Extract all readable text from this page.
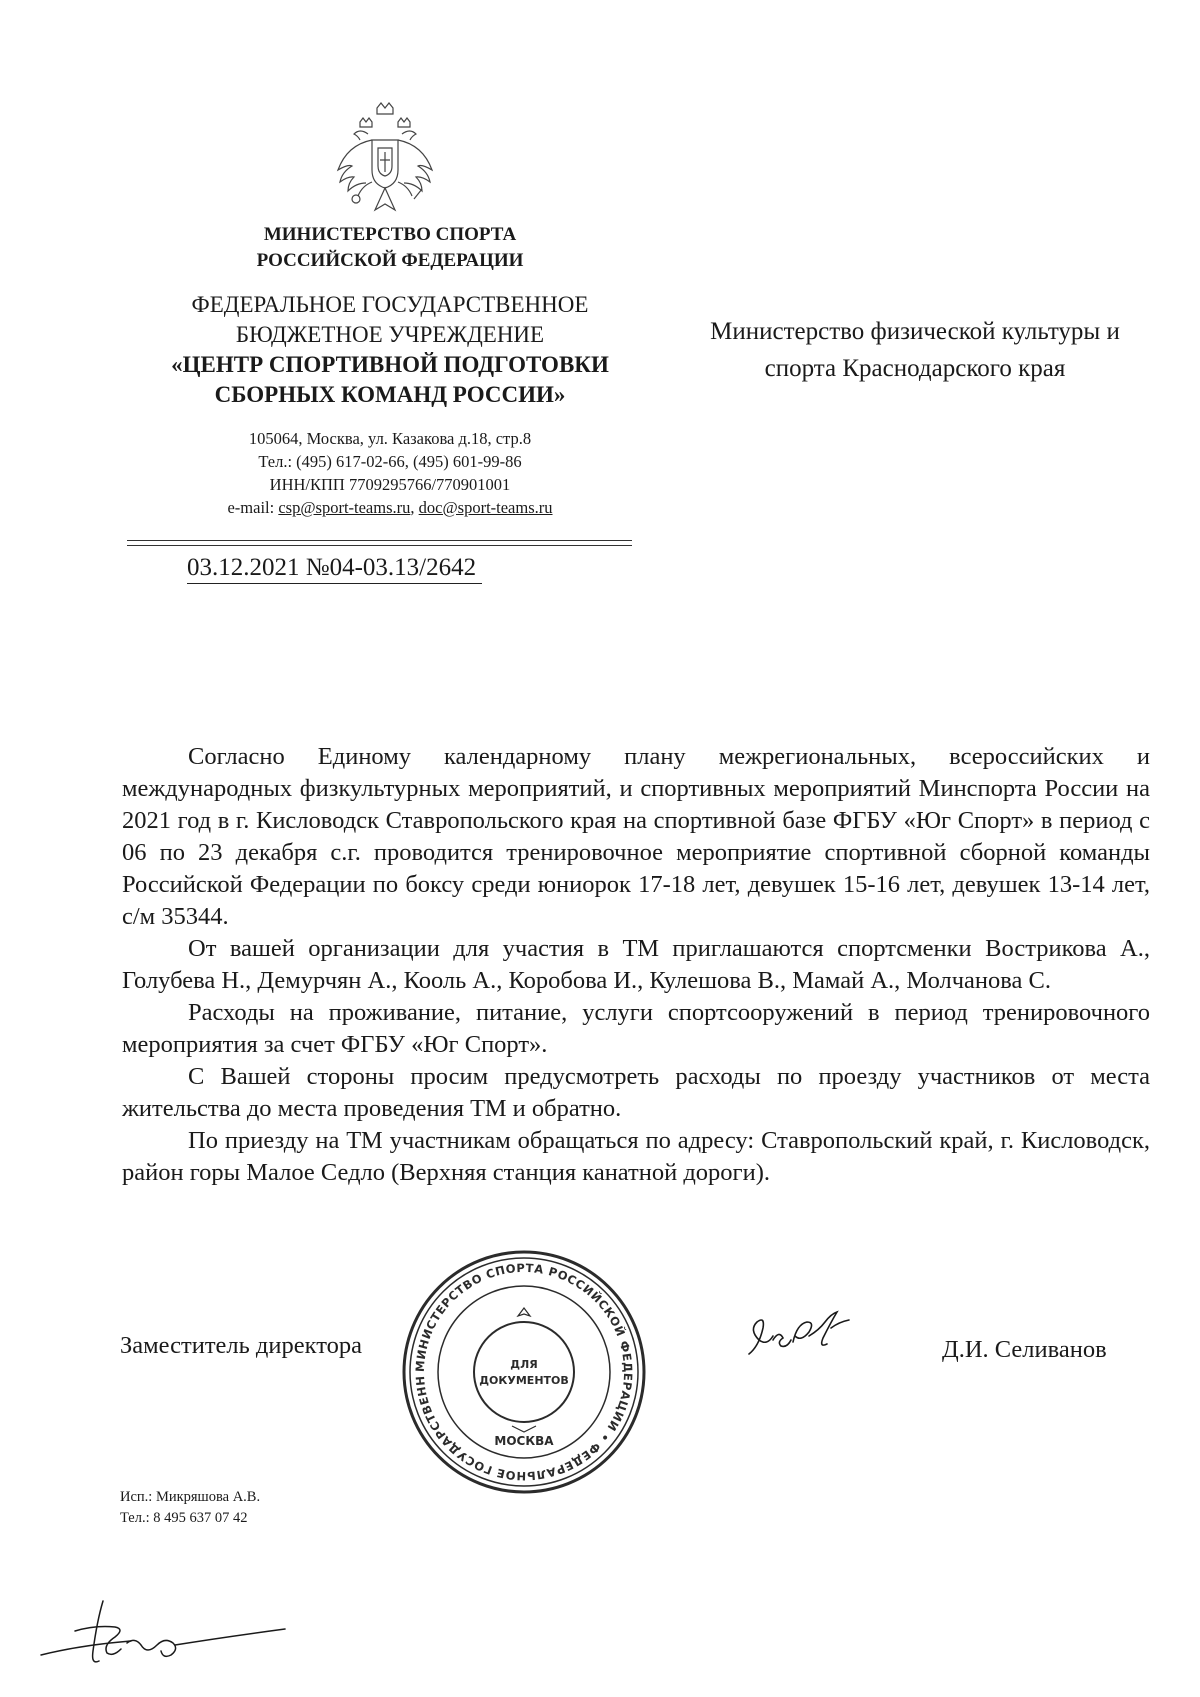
МИНИСТЕРСТВО СПОРТА
РОССИЙСКОЙ ФЕДЕРАЦИИ
ФЕДЕРАЛЬНОЕ ГОСУДАРСТВЕННОЕ
БЮДЖЕТНОЕ УЧРЕЖДЕНИЕ
«ЦЕНТР СПОРТИВНОЙ ПОДГОТОВКИ
СБОРНЫХ КОМАНД РОССИИ»
105064, Москва, ул. Казакова д.18, стр.8
Тел.: (495) 617-02-66, (495) 601-99-86
ИНН/КПП 7709295766/770901001
e-mail: csp@sport-teams.ru, doc@sport-teams.ru
03.12.2021 №04-03.13/2642
Министерство физической культуры и
спорта Краснодарского края

Согласно Единому календарному плану межрегиональных, всероссийских и международных физкультурных мероприятий, и спортивных мероприятий Минспорта России на 2021 год в г. Кисловодск Ставропольского края на спортивной базе ФГБУ «Юг Спорт» в период с 06 по 23 декабря с.г. проводится тренировочное мероприятие спортивной сборной команды Российской Федерации по боксу среди юниорок 17-18 лет, девушек 15-16 лет, девушек 13-14 лет, с/м 35344.

От вашей организации для участия в ТМ приглашаются спортсменки Вострикова А., Голубева Н., Демурчян А., Кооль А., Коробова И., Кулешова В., Мамай А., Молчанова С.

Расходы на проживание, питание, услуги спортсооружений в период тренировочного мероприятия за счет ФГБУ «Юг Спорт».

С Вашей стороны просим предусмотреть расходы по проезду участников от места жительства до места проведения ТМ и обратно.

По приезду на ТМ участникам обращаться по адресу: Ставропольский край, г. Кисловодск, район горы Малое Седло (Верхняя станция канатной дороги).

Заместитель директора
МИНИСТЕРСТВО СПОРТА РОССИЙСКОЙ ФЕДЕРАЦИИ • ФЕДЕРАЛЬНОЕ ГОСУДАРСТВЕНН
ДЛЯ
ДОКУМЕНТОВ
МОСКВА
Д.И. Селиванов
Исп.: Микряшова А.В.
Тел.: 8 495 637 07 42
